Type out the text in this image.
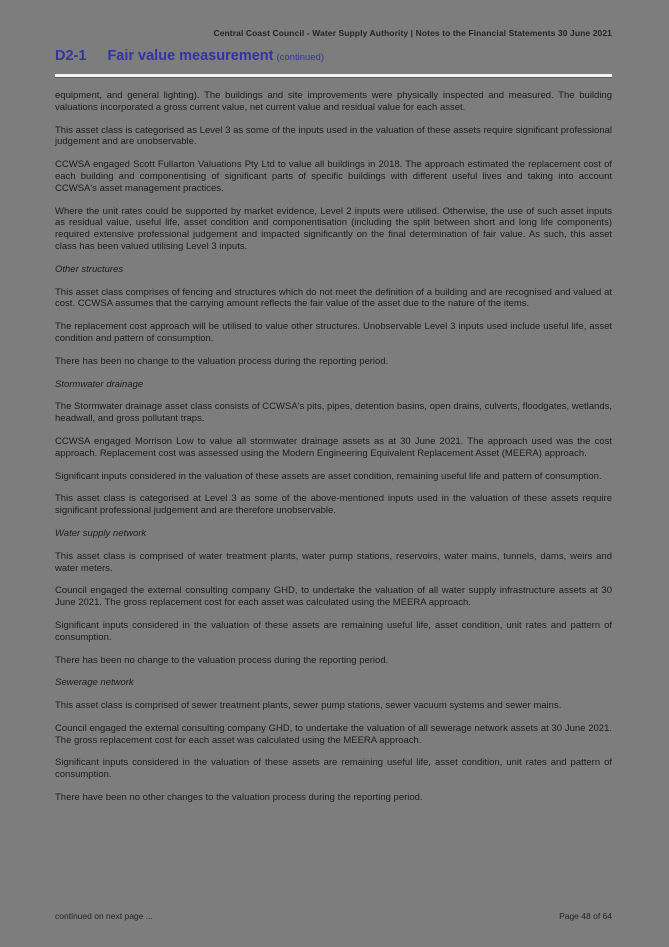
Central Coast Council - Water Supply Authority | Notes to the Financial Statements 30 June 2021
D2-1 Fair value measurement (continued)

equipment, and general lighting). The buildings and site improvements were physically inspected and measured. The building valuations incorporated a gross current value, net current value and residual value for each asset.

This asset class is categorised as Level 3 as some of the inputs used in the valuation of these assets require significant professional judgement and are unobservable.

CCWSA engaged Scott Fullarton Valuations Pty Ltd to value all buildings in 2018. The approach estimated the replacement cost of each building and componentising of significant parts of specific buildings with different useful lives and taking into account CCWSA's asset management practices.

Where the unit rates could be supported by market evidence, Level 2 inputs were utilised. Otherwise, the use of such asset inputs as residual value, useful life, asset condition and componentisation (including the split between short and long life components) required extensive professional judgement and impacted significantly on the final determination of fair value. As such, this asset class has been valued utilising Level 3 inputs.

Other structures

This asset class comprises of fencing and structures which do not meet the definition of a building and are recognised and valued at cost. CCWSA assumes that the carrying amount reflects the fair value of the asset due to the nature of the items.

The replacement cost approach will be utilised to value other structures. Unobservable Level 3 inputs used include useful life, asset condition and pattern of consumption.

There has been no change to the valuation process during the reporting period.

Stormwater drainage

The Stormwater drainage asset class consists of CCWSA's pits, pipes, detention basins, open drains, culverts, floodgates, wetlands, headwall, and gross pollutant traps.

CCWSA engaged Morrison Low to value all stormwater drainage assets as at 30 June 2021. The approach used was the cost approach. Replacement cost was assessed using the Modern Engineering Equivalent Replacement Asset (MEERA) approach.

Significant inputs considered in the valuation of these assets are asset condition, remaining useful life and pattern of consumption.

This asset class is categorised at Level 3 as some of the above-mentioned inputs used in the valuation of these assets require significant professional judgement and are therefore unobservable.

Water supply network

This asset class is comprised of water treatment plants, water pump stations, reservoirs, water mains, tunnels, dams, weirs and water meters.

Council engaged the external consulting company GHD, to undertake the valuation of all water supply infrastructure assets at 30 June 2021. The gross replacement cost for each asset was calculated using the MEERA approach.

Significant inputs considered in the valuation of these assets are remaining useful life, asset condition, unit rates and pattern of consumption.

There has been no change to the valuation process during the reporting period.

Sewerage network

This asset class is comprised of sewer treatment plants, sewer pump stations, sewer vacuum systems and sewer mains.

Council engaged the external consulting company GHD, to undertake the valuation of all sewerage network assets at 30 June 2021. The gross replacement cost for each asset was calculated using the MEERA approach.

Significant inputs considered in the valuation of these assets are remaining useful life, asset condition, unit rates and pattern of consumption.

There have been no other changes to the valuation process during the reporting period.

continued on next page ...	Page 48 of 64
